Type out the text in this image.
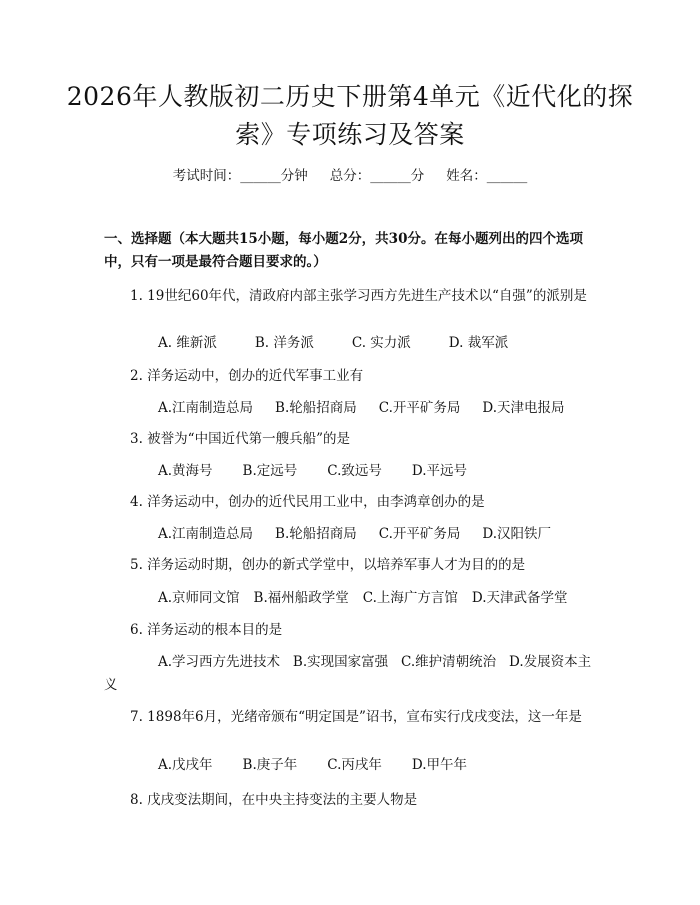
2026年人教版初二历史下册第4单元《近代化的探索》专项练习及答案
考试时间：______分钟 总分：______分 姓名：______
一、选择题（本大题共15小题，每小题2分，共30分。在每小题列出的四个选项中，只有一项是最符合题目要求的。）
1. 19世纪60年代，清政府内部主张学习西方先进生产技术以“自强”的派别是
A. 维新派	B. 洋务派	C. 实力派	D. 裁军派
2. 洋务运动中，创办的近代军事工业有
A.江南制造总局 B.轮船招商局 C.开平矿务局 D.天津电报局
3. 被誉为“中国近代第一艘兵船”的是
A.黄海号 B.定远号 C.致远号 D.平远号
4. 洋务运动中，创办的近代民用工业中，由李鸿章创办的是
A.江南制造总局 B.轮船招商局 C.开平矿务局 D.汉阳铁厂
5. 洋务运动时期，创办的新式学堂中，以培养军事人才为目的的是
A.京师同文馆 B.福州船政学堂 C.上海广方言馆 D.天津武备学堂
6. 洋务运动的根本目的是
A.学习西方先进技术 B.实现国家富强 C.维护清朝统治 D.发展资本主义
7. 1898年6月，光绪帝颁布“明定国是”诏书，宣布实行戊戌变法，这一年是
A.戊戌年 B.庚子年 C.丙戌年 D.甲午年
8. 戊戌变法期间，在中央主持变法的主要人物是
